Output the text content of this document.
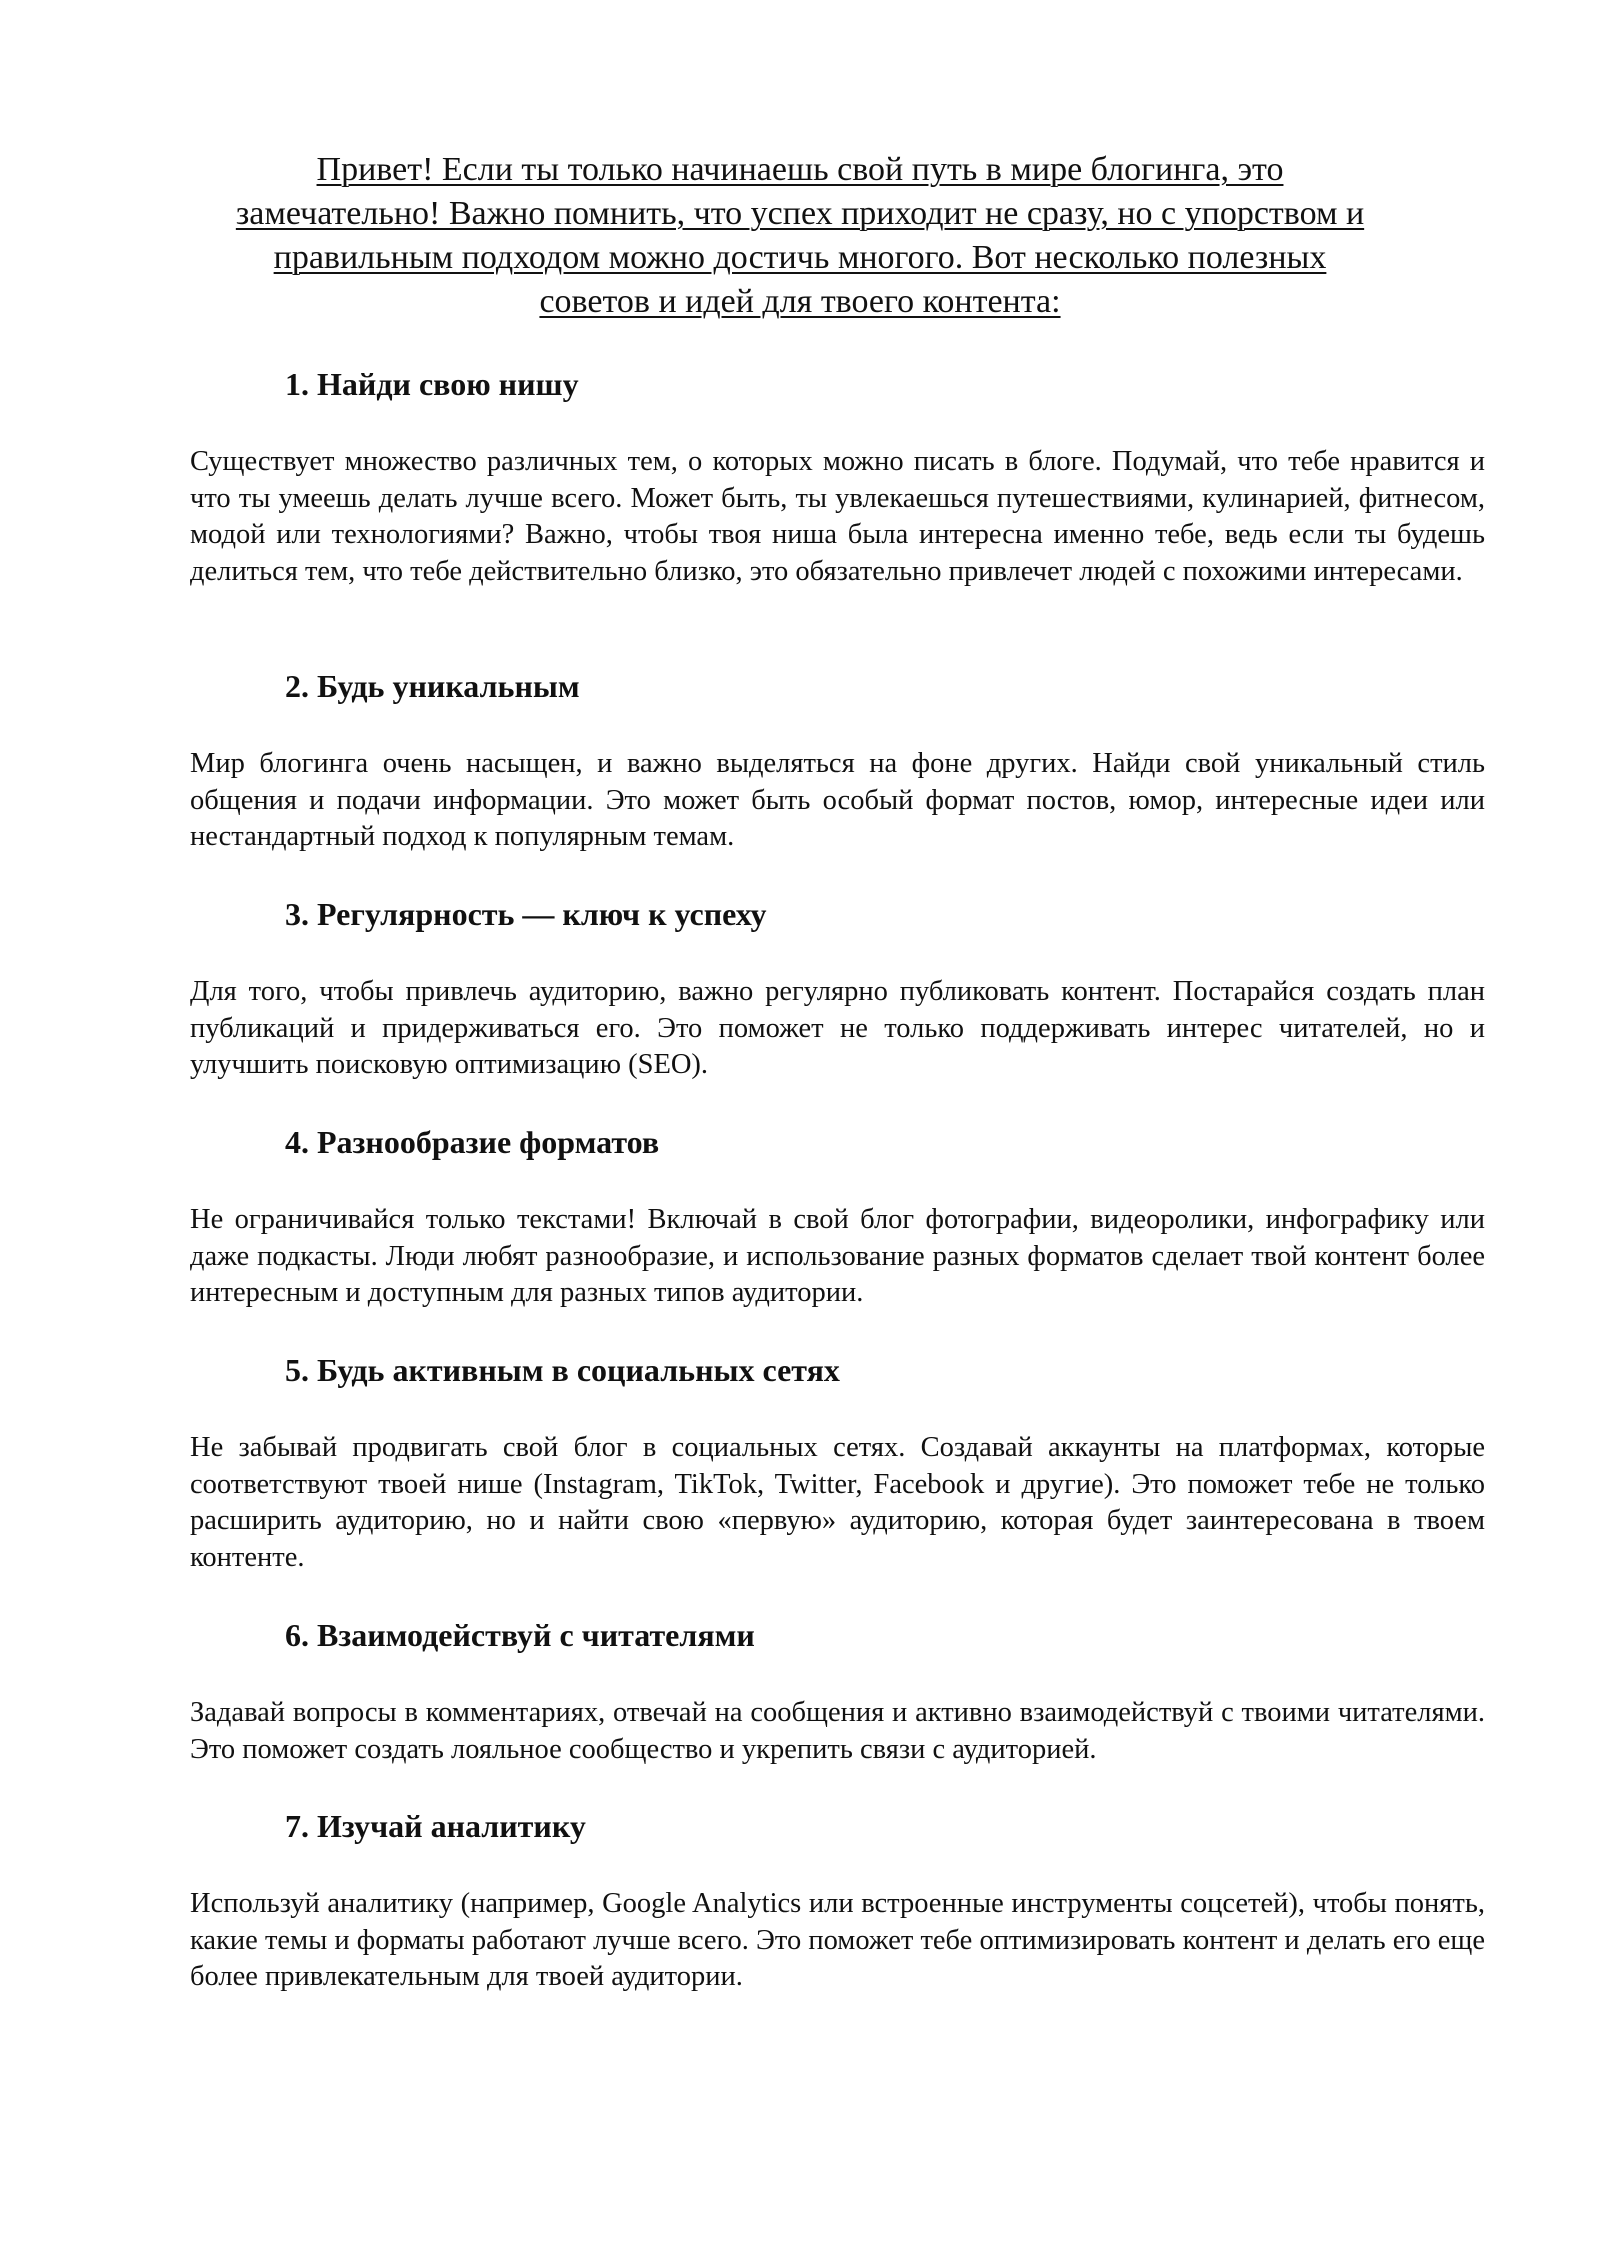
Привет! Если ты только начинаешь свой путь в мире блогинга, это замечательно! Важно помнить, что успех приходит не сразу, но с упорством и правильным подходом можно достичь многого. Вот несколько полезных советов и идей для твоего контента:

1. Найди свою нишу

Существует множество различных тем, о которых можно писать в блоге. Подумай, что тебе нравится и что ты умеешь делать лучше всего. Может быть, ты увлекаешься путешествиями, кулинарией, фитнесом, модой или технологиями? Важно, чтобы твоя ниша была интересна именно тебе, ведь если ты будешь делиться тем, что тебе действительно близко, это обязательно привлечет людей с похожими интересами.

2. Будь уникальным

Мир блогинга очень насыщен, и важно выделяться на фоне других. Найди свой уникальный стиль общения и подачи информации. Это может быть особый формат постов, юмор, интересные идеи или нестандартный подход к популярным темам.

3. Регулярность — ключ к успеху

Для того, чтобы привлечь аудиторию, важно регулярно публиковать контент. Постарайся создать план публикаций и придерживаться его. Это поможет не только поддерживать интерес читателей, но и улучшить поисковую оптимизацию (SEO).

4. Разнообразие форматов

Не ограничивайся только текстами! Включай в свой блог фотографии, видеоролики, инфографику или даже подкасты. Люди любят разнообразие, и использование разных форматов сделает твой контент более интересным и доступным для разных типов аудитории.

5. Будь активным в социальных сетях

Не забывай продвигать свой блог в социальных сетях. Создавай аккаунты на платформах, которые соответствуют твоей нише (Instagram, TikTok, Twitter, Facebook и другие). Это поможет тебе не только расширить аудиторию, но и найти свою «первую» аудиторию, которая будет заинтересована в твоем контенте.

6. Взаимодействуй с читателями

Задавай вопросы в комментариях, отвечай на сообщения и активно взаимодействуй с твоими читателями. Это поможет создать лояльное сообщество и укрепить связи с аудиторией.

7. Изучай аналитику

Используй аналитику (например, Google Analytics или встроенные инструменты соцсетей), чтобы понять, какие темы и форматы работают лучше всего. Это поможет тебе оптимизировать контент и делать его еще более привлекательным для твоей аудитории.
